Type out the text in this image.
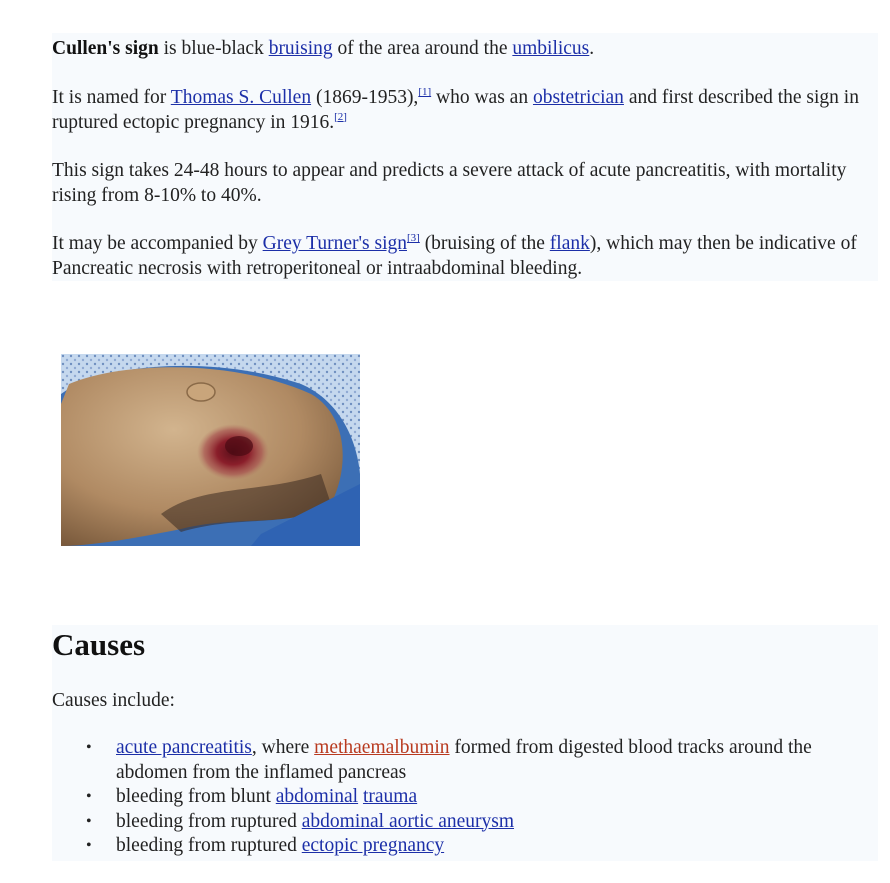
Cullen's sign is blue-black bruising of the area around the umbilicus.

It is named for Thomas S. Cullen (1869-1953),[1] who was an obstetrician and first described the sign in ruptured ectopic pregnancy in 1916.[2]

This sign takes 24-48 hours to appear and predicts a severe attack of acute pancreatitis, with mortality rising from 8-10% to 40%.

It may be accompanied by Grey Turner's sign[3] (bruising of the flank), which may then be indicative of Pancreatic necrosis with retroperitoneal or intraabdominal bleeding.

Causes

Causes include:

• acute pancreatitis, where methaemalbumin formed from digested blood tracks around the abdomen from the inflamed pancreas
• bleeding from blunt abdominal trauma
• bleeding from ruptured abdominal aortic aneurysm
• bleeding from ruptured ectopic pregnancy
